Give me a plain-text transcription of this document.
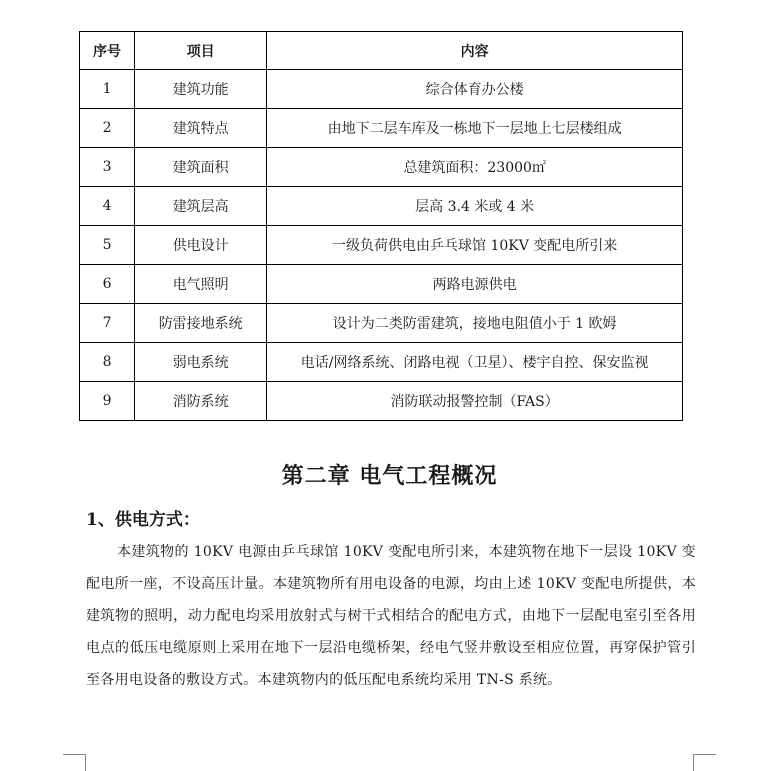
序号	项目	内容
1	建筑功能	综合体育办公楼
2	建筑特点	由地下二层车库及一栋地下一层地上七层楼组成
3	建筑面积	总建筑面积：23000㎡
4	建筑层高	层高 3.4 米或 4 米
5	供电设计	一级负荷供电由乒乓球馆 10KV 变配电所引来
6	电气照明	两路电源供电
7	防雷接地系统	设计为二类防雷建筑，接地电阻值小于 1 欧姆
8	弱电系统	电话/网络系统、闭路电视（卫星）、楼宇自控、保安监视
9	消防系统	消防联动报警控制（FAS）
第二章 电气工程概况
1、供电方式：

本建筑物的 10KV 电源由乒乓球馆 10KV 变配电所引来，本建筑物在地下一层设 10KV 变配电所一座，不设高压计量。本建筑物所有用电设备的电源，均由上述 10KV 变配电所提供，本建筑物的照明，动力配电均采用放射式与树干式相结合的配电方式，由地下一层配电室引至各用电点的低压电缆原则上采用在地下一层沿电缆桥架，经电气竖井敷设至相应位置，再穿保护管引至各用电设备的敷设方式。本建筑物内的低压配电系统均采用 TN-S 系统。
